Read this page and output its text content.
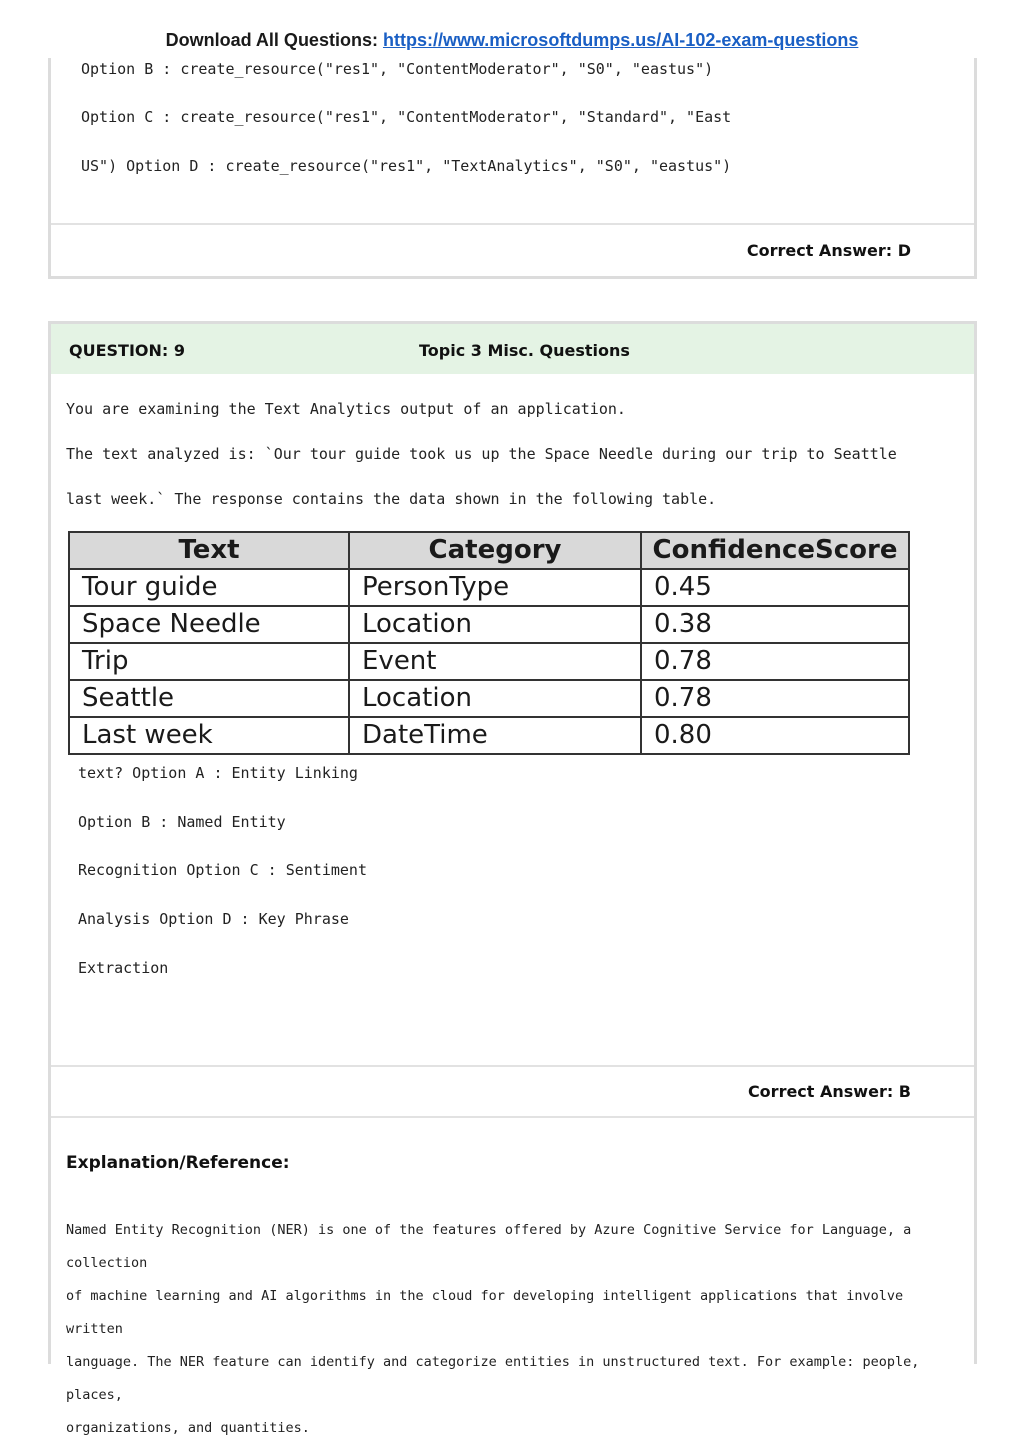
Download All Questions: https://www.microsoftdumps.us/AI-102-exam-questions
Option B : create_resource("res1", "ContentModerator", "S0", "eastus")
Option C : create_resource("res1", "ContentModerator", "Standard", "East
US") Option D : create_resource("res1", "TextAnalytics", "S0", "eastus")
Correct Answer: D
QUESTION: 9	Topic 3 Misc. Questions
You are examining the Text Analytics output of an application.
The text analyzed is: `Our tour guide took us up the Space Needle during our trip to Seattle
last week.` The response contains the data shown in the following table.
text? Option A : Entity Linking
Option B : Named Entity
Recognition Option C : Sentiment
Analysis Option D : Key Phrase
Extraction
Correct Answer: B
Explanation/Reference:
Text	Category	ConfidenceScore
Tour guide	PersonType	0.45
Space Needle	Location	0.38
Trip	Event	0.78
Seattle	Location	0.78
Last week	DateTime	0.80
Named Entity Recognition (NER) is one of the features offered by Azure Cognitive Service for Language, a collection
of machine learning and AI algorithms in the cloud for developing intelligent applications that involve written
language. The NER feature can identify and categorize entities in unstructured text. For example: people, places,
organizations, and quantities.
